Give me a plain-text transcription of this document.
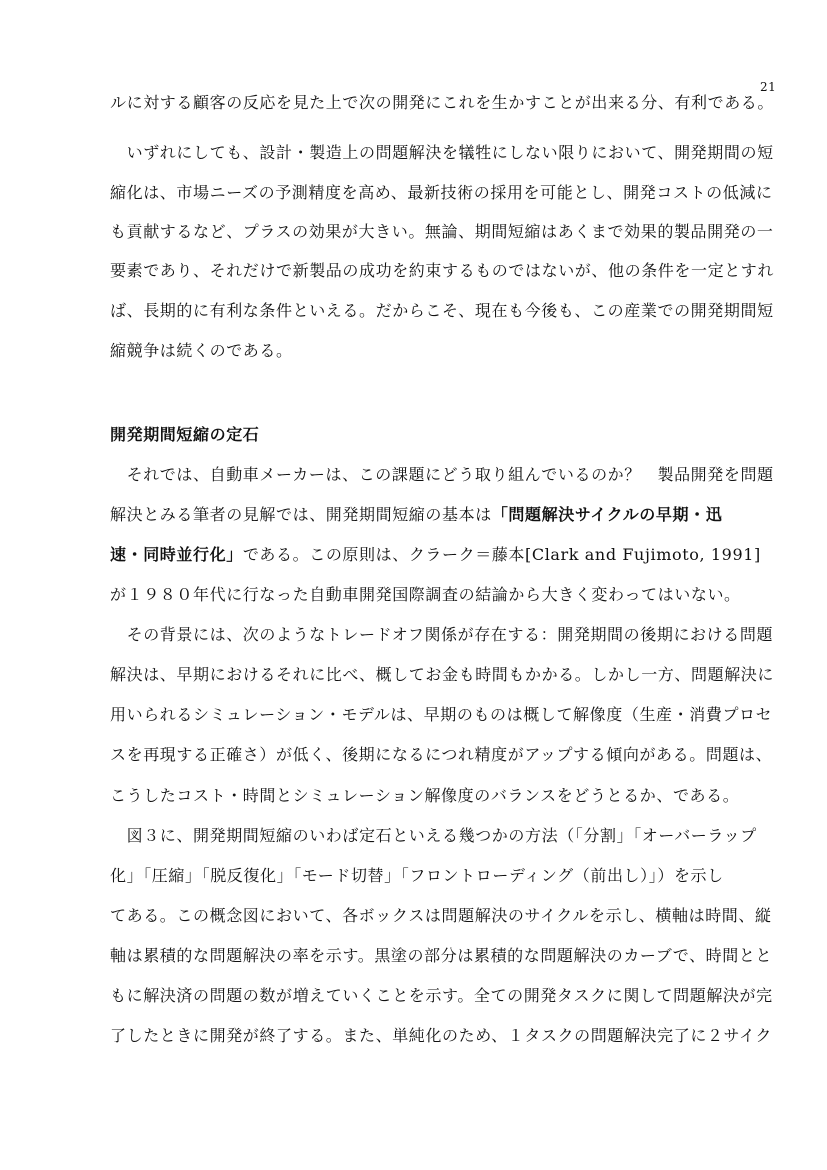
21
ルに対する顧客の反応を見た上で次の開発にこれを生かすことが出来る分、有利である。
　いずれにしても、設計・製造上の問題解決を犠牲にしない限りにおいて、開発期間の短
縮化は、市場ニーズの予測精度を高め、最新技術の採用を可能とし、開発コストの低減に
も貢献するなど、プラスの効果が大きい。無論、期間短縮はあくまで効果的製品開発の一
要素であり、それだけで新製品の成功を約束するものではないが、他の条件を一定とすれ
ば、長期的に有利な条件といえる。だからこそ、現在も今後も、この産業での開発期間短
縮競争は続くのである。
開発期間短縮の定石
　それでは、自動車メーカーは、この課題にどう取り組んでいるのか？　製品開発を問題
解決とみる筆者の見解では、開発期間短縮の基本は「問題解決サイクルの早期・迅
速・同時並行化」である。この原則は、クラーク＝藤本[Clark and Fujimoto, 1991]
が１９８０年代に行なった自動車開発国際調査の結論から大きく変わってはいない。
　その背景には、次のようなトレードオフ関係が存在する：開発期間の後期における問題
解決は、早期におけるそれに比べ、概してお金も時間もかかる。しかし一方、問題解決に
用いられるシミュレーション・モデルは、早期のものは概して解像度（生産・消費プロセ
スを再現する正確さ）が低く、後期になるにつれ精度がアップする傾向がある。問題は、
こうしたコスト・時間とシミュレーション解像度のバランスをどうとるか、である。
　図３に、開発期間短縮のいわば定石といえる幾つかの方法（「分割」「オーバーラップ
化」「圧縮」「脱反復化」「モード切替」「フロントローディング（前出し）」）を示し
てある。この概念図において、各ボックスは問題解決のサイクルを示し、横軸は時間、縦
軸は累積的な問題解決の率を示す。黒塗の部分は累積的な問題解決のカーブで、時間とと
もに解決済の問題の数が増えていくことを示す。全ての開発タスクに関して問題解決が完
了したときに開発が終了する。また、単純化のため、１タスクの問題解決完了に２サイク
